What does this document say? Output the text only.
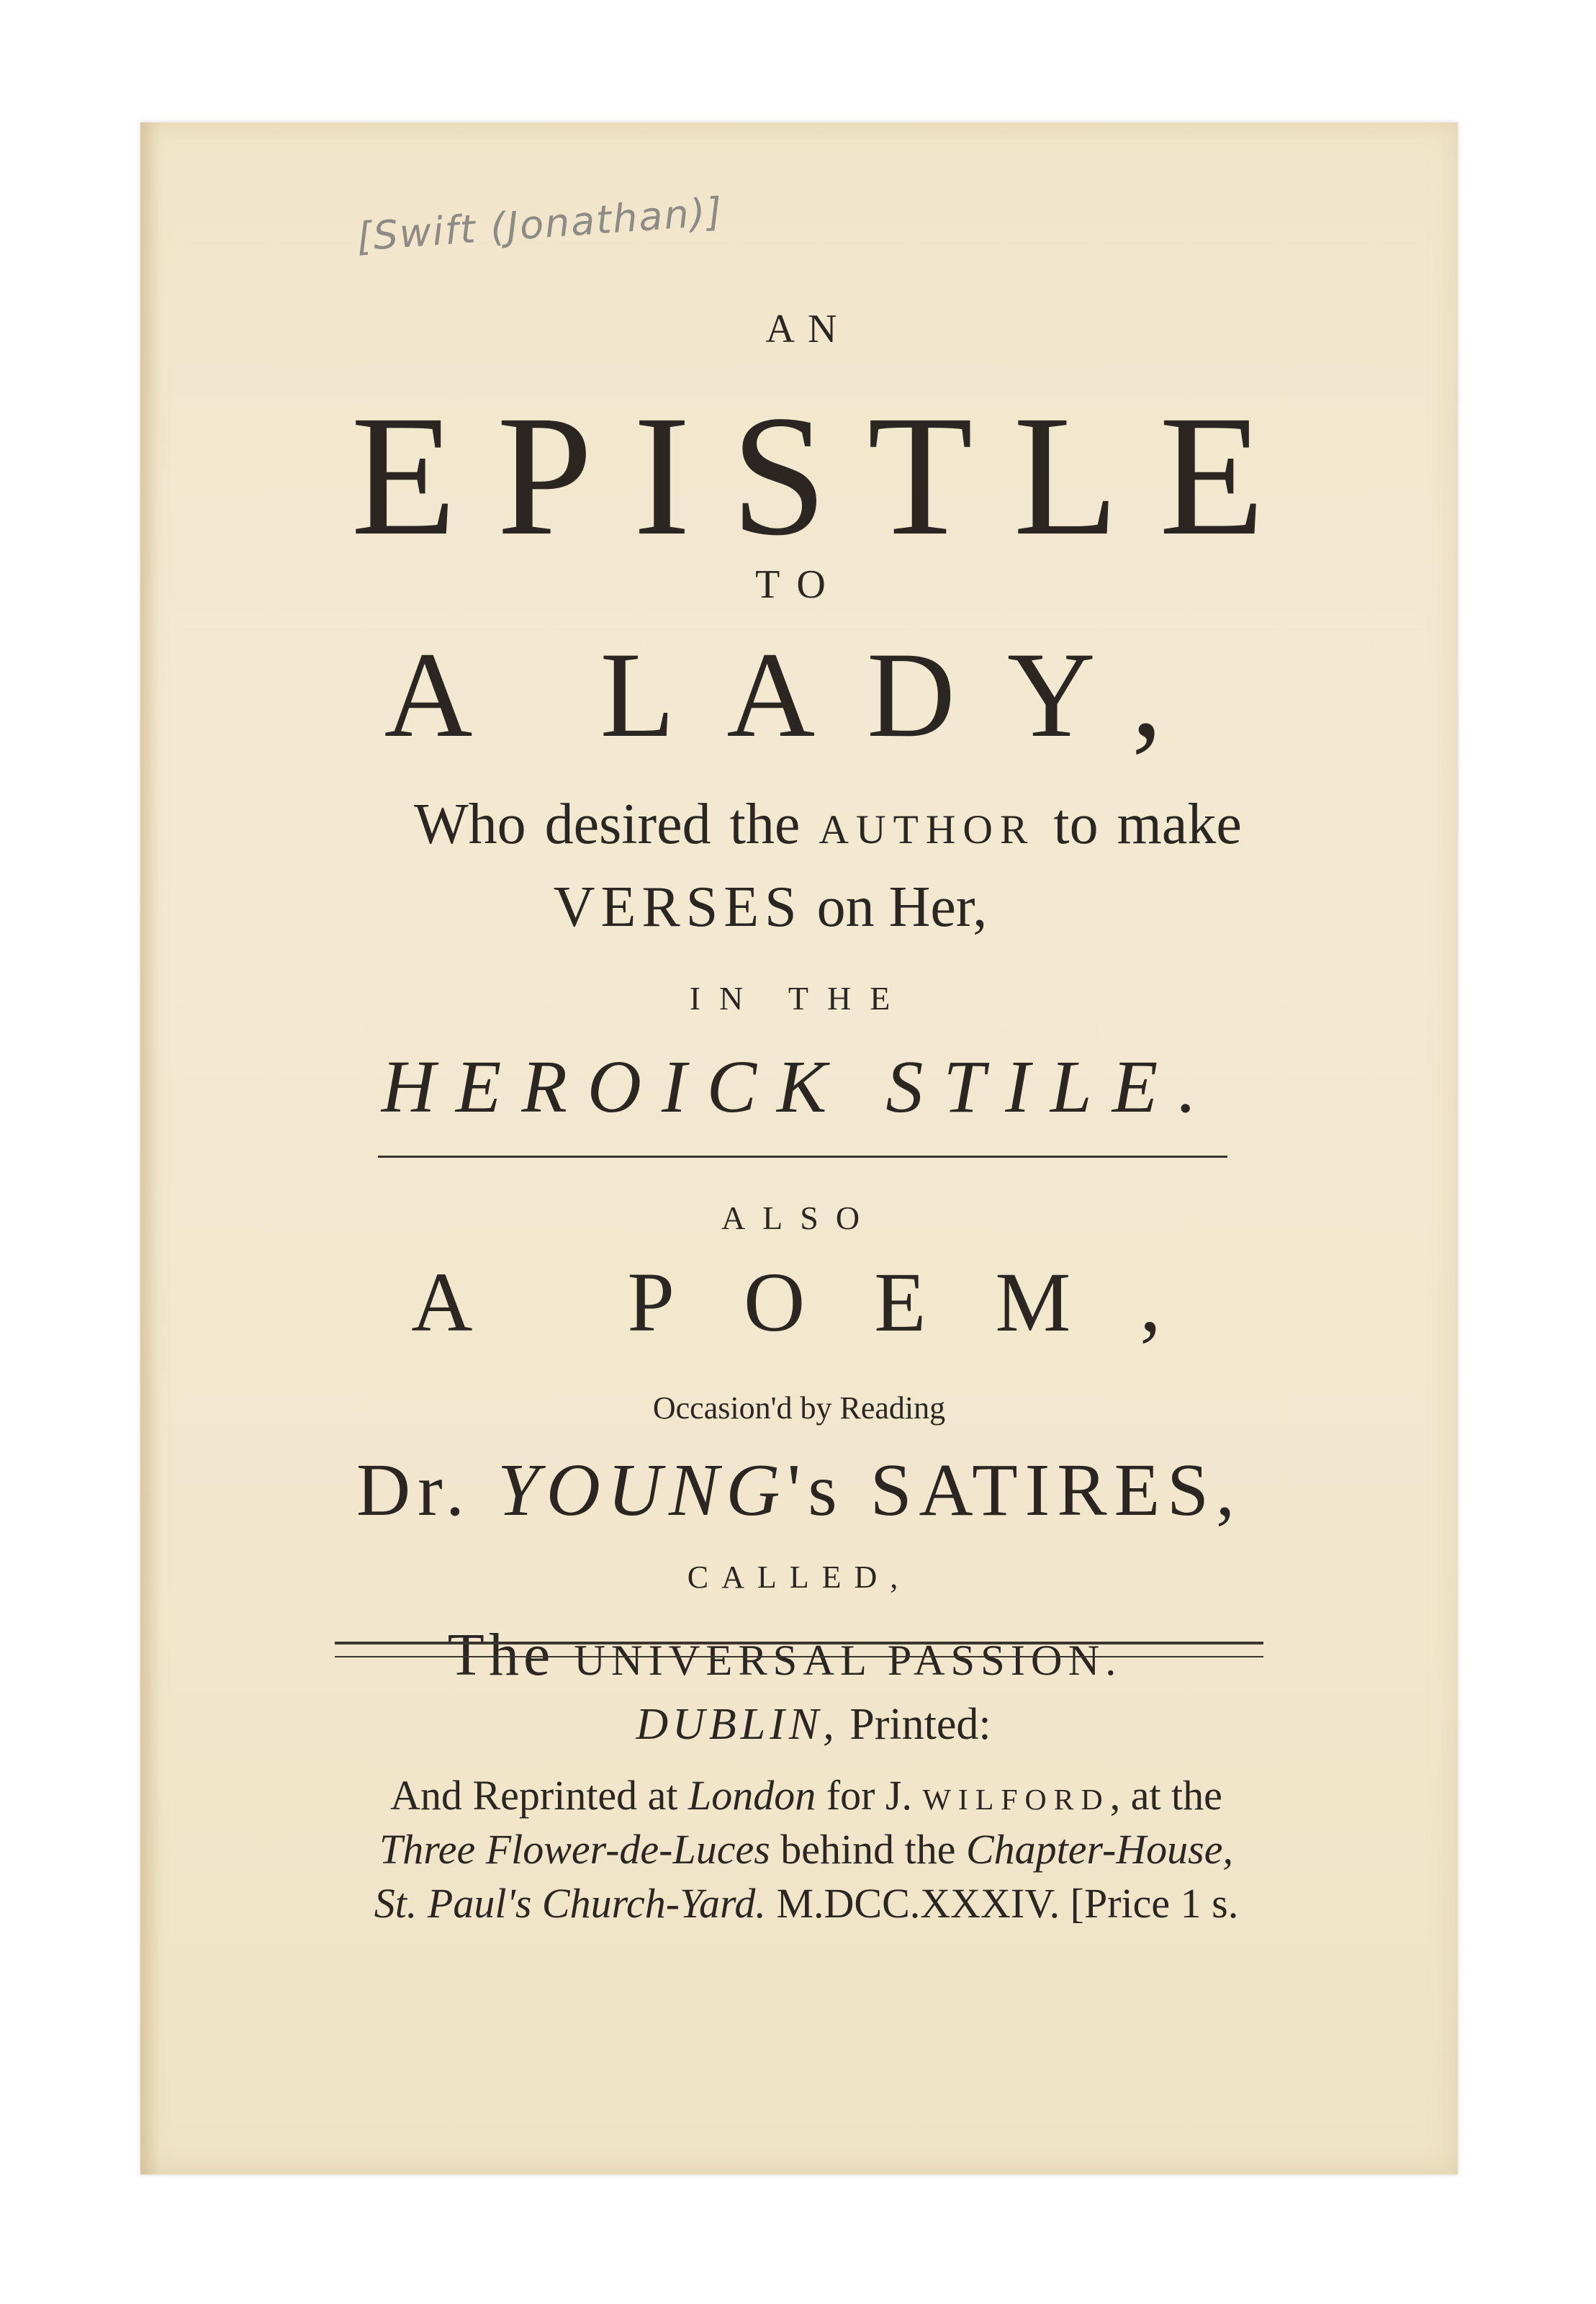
[Swift (Jonathan)]
AN
EPISTLE
TO
A LADY,
Who desired the AUTHOR to make
VERSES on Her,
IN THE
HEROICK STILE.
ALSO
A POEM,
Occasion'd by Reading
Dr. YOUNG's SATIRES,
CALLED,
The UNIVERSAL PASSION.
DUBLIN, Printed:
And Reprinted at London for J. WILFORD, at the
Three Flower-de-Luces behind the Chapter-House,
St. Paul's Church-Yard. M.DCC.XXXIV. [Price 1 s.
